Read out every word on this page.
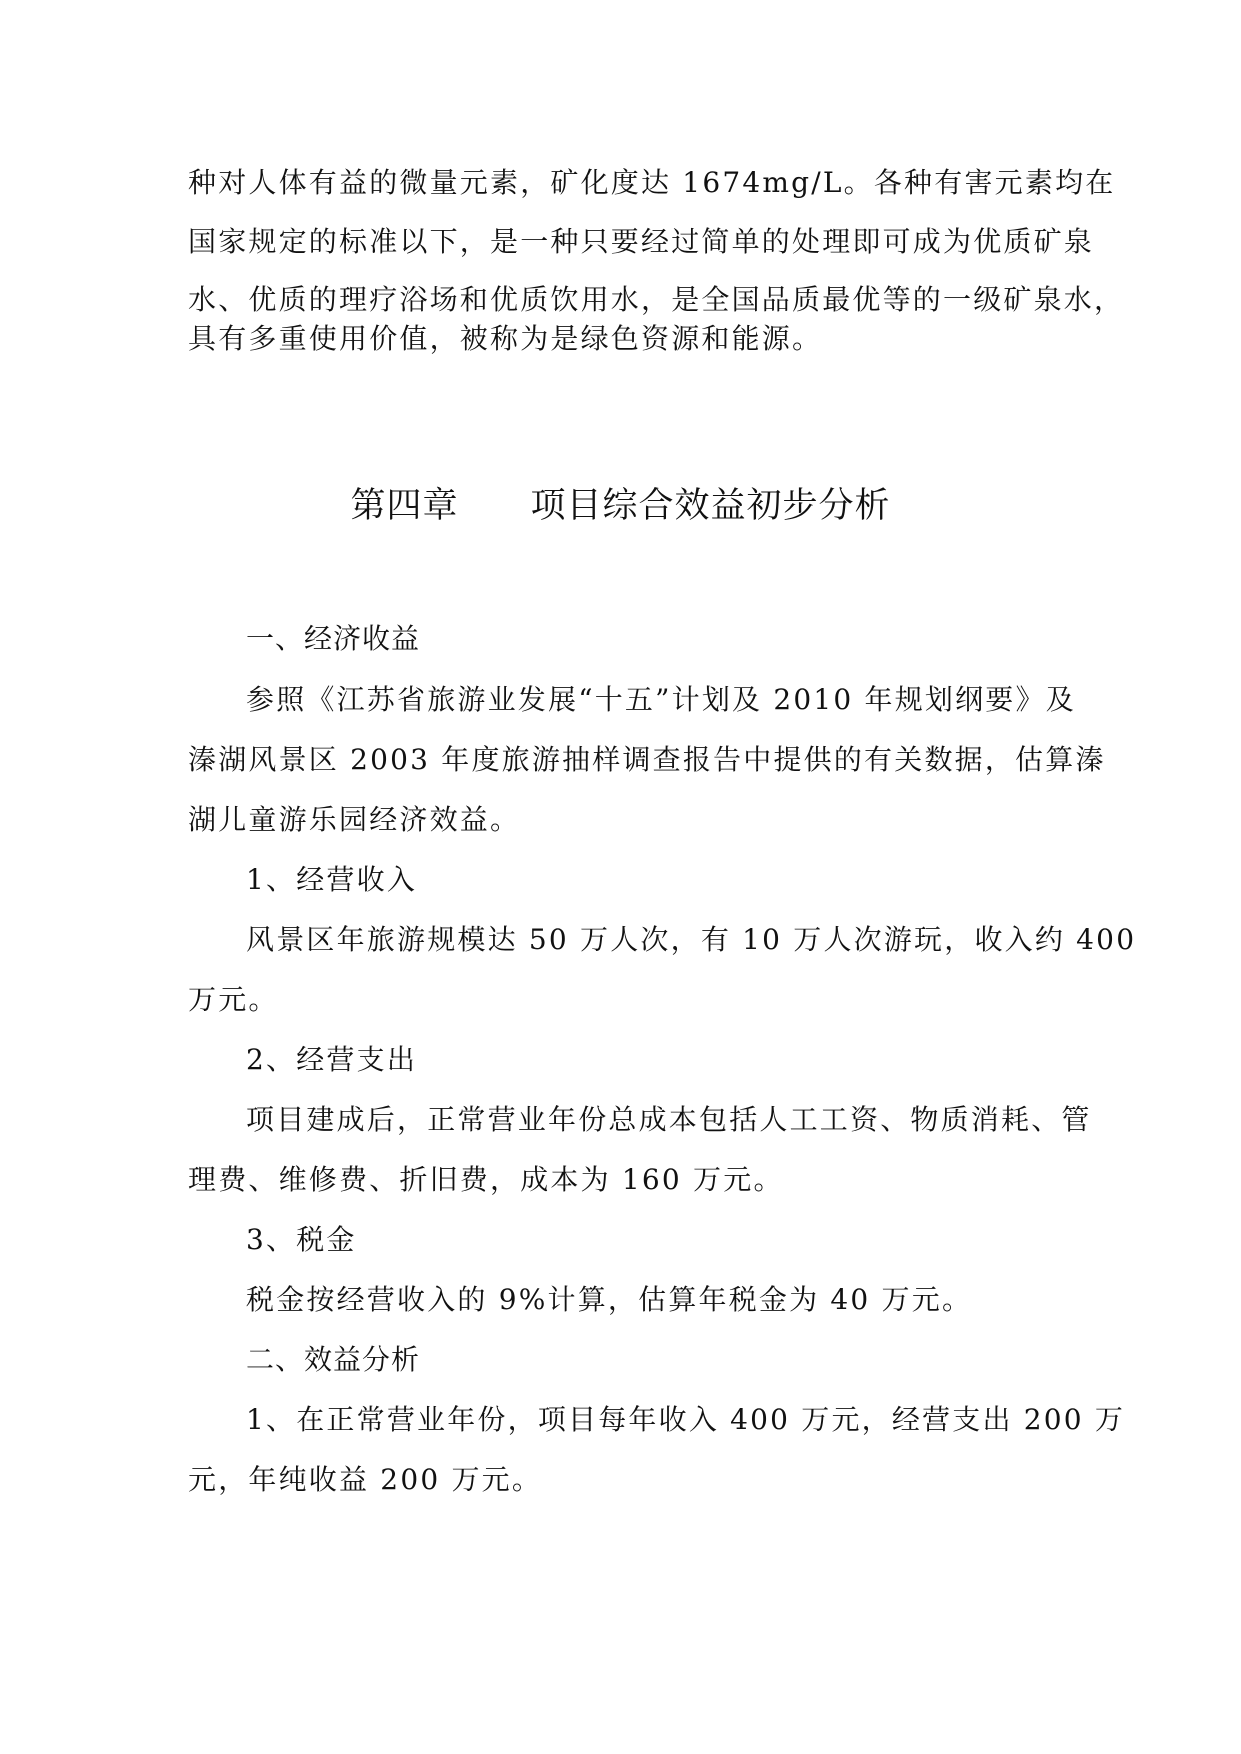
种对人体有益的微量元素，矿化度达 1674mg/L。各种有害元素均在
国家规定的标准以下，是一种只要经过简单的处理即可成为优质矿泉
水、优质的理疗浴场和优质饮用水，是全国品质最优等的一级矿泉水，
具有多重使用价值，被称为是绿色资源和能源。
第四章 项目综合效益初步分析
一、经济收益
参照《江苏省旅游业发展“十五”计划及 2010 年规划纲要》及
溱湖风景区 2003 年度旅游抽样调查报告中提供的有关数据，估算溱
湖儿童游乐园经济效益。
1、经营收入
风景区年旅游规模达 50 万人次，有 10 万人次游玩，收入约 400
万元。
2、经营支出
项目建成后，正常营业年份总成本包括人工工资、物质消耗、管
理费、维修费、折旧费，成本为 160 万元。
3、税金
税金按经营收入的 9%计算，估算年税金为 40 万元。
二、效益分析
1、在正常营业年份，项目每年收入 400 万元，经营支出 200 万
元，年纯收益 200 万元。
